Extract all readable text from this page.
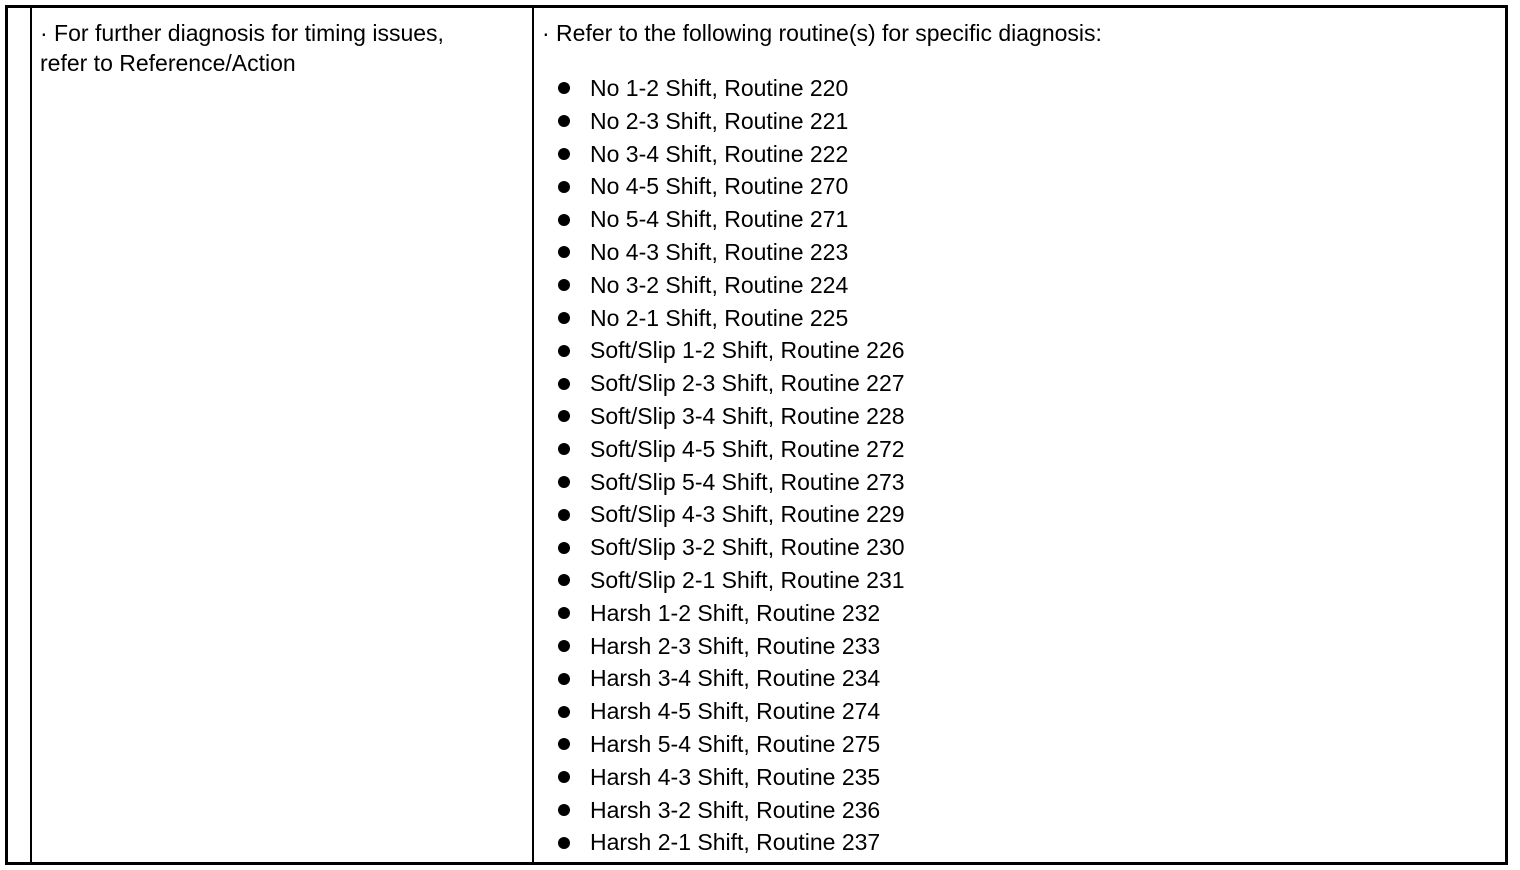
· For further diagnosis for timing issues,
refer to Reference/Action
· Refer to the following routine(s) for specific diagnosis:
No 1-2 Shift, Routine 220
No 2-3 Shift, Routine 221
No 3-4 Shift, Routine 222
No 4-5 Shift, Routine 270
No 5-4 Shift, Routine 271
No 4-3 Shift, Routine 223
No 3-2 Shift, Routine 224
No 2-1 Shift, Routine 225
Soft/Slip 1-2 Shift, Routine 226
Soft/Slip 2-3 Shift, Routine 227
Soft/Slip 3-4 Shift, Routine 228
Soft/Slip 4-5 Shift, Routine 272
Soft/Slip 5-4 Shift, Routine 273
Soft/Slip 4-3 Shift, Routine 229
Soft/Slip 3-2 Shift, Routine 230
Soft/Slip 2-1 Shift, Routine 231
Harsh 1-2 Shift, Routine 232
Harsh 2-3 Shift, Routine 233
Harsh 3-4 Shift, Routine 234
Harsh 4-5 Shift, Routine 274
Harsh 5-4 Shift, Routine 275
Harsh 4-3 Shift, Routine 235
Harsh 3-2 Shift, Routine 236
Harsh 2-1 Shift, Routine 237
